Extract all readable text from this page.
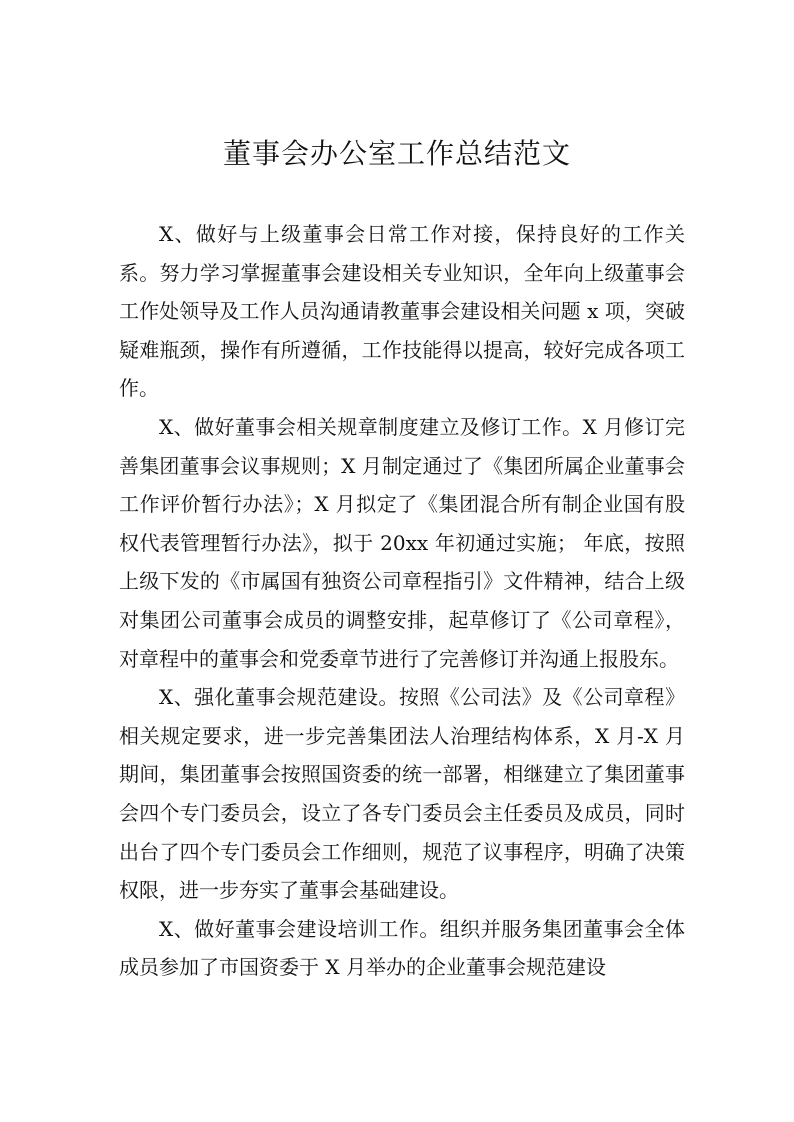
董事会办公室工作总结范文

X、做好与上级董事会日常工作对接，保持良好的工作关系。努力学习掌握董事会建设相关专业知识，全年向上级董事会工作处领导及工作人员沟通请教董事会建设相关问题 x 项，突破疑难瓶颈，操作有所遵循，工作技能得以提高，较好完成各项工作。

X、做好董事会相关规章制度建立及修订工作。X 月修订完善集团董事会议事规则；X 月制定通过了《集团所属企业董事会工作评价暂行办法》；X 月拟定了《集团混合所有制企业国有股权代表管理暂行办法》，拟于 20xx 年初通过实施； 年底，按照上级下发的《市属国有独资公司章程指引》文件精神，结合上级对集团公司董事会成员的调整安排，起草修订了《公司章程》，对章程中的董事会和党委章节进行了完善修订并沟通上报股东。

X、强化董事会规范建设。按照《公司法》及《公司章程》相关规定要求，进一步完善集团法人治理结构体系，X 月-X 月期间，集团董事会按照国资委的统一部署，相继建立了集团董事会四个专门委员会，设立了各专门委员会主任委员及成员，同时出台了四个专门委员会工作细则，规范了议事程序，明确了决策权限，进一步夯实了董事会基础建设。

X、做好董事会建设培训工作。组织并服务集团董事会全体成员参加了市国资委于 X 月举办的企业董事会规范建设
